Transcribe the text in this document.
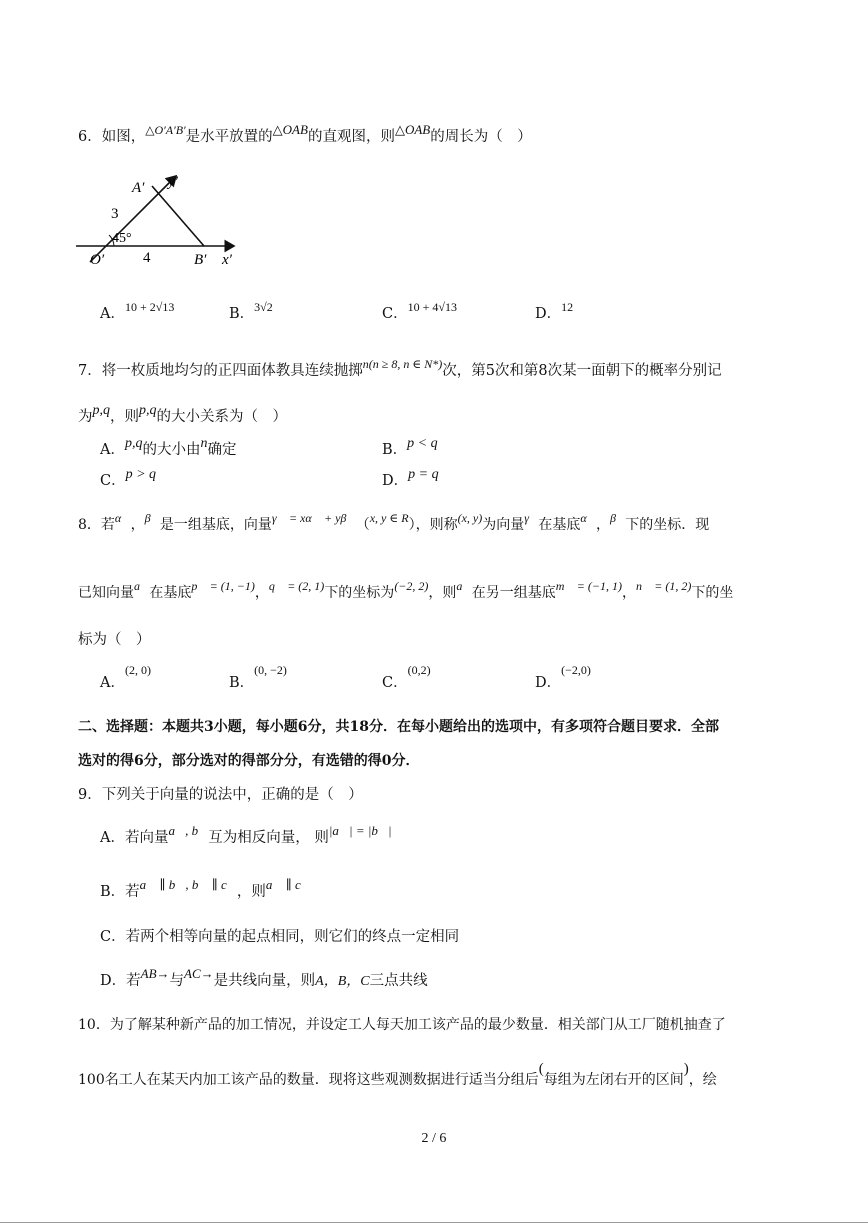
6．如图，$^{\triangle O'A'B'}$是水平放置的△OAB的直观图，则△OAB的周长为（　）
A′ y′
3
45°
O′	4	B′ x′
A．$^{10 + 2√13}$	B．$^{3√2}$	C．$^{10 + 4√13}$	D．$^{12}$
7．将一枚质地均匀的正四面体教具连续抛掷$^{n(n \ge 8, n \in N*)}$次，第5次和第8次某一面朝下的概率分别记
为p,q，则p,q的大小关系为（　）
A．p,q的大小由n确定	B．p < q
C．p > q	D．p = q
8．若α⃗，β⃗是一组基底，向量γ⃗ = xα⃗ + yβ⃗（x, y ∈ R），则称(x, y)为向量γ⃗在基底α⃗，β⃗下的坐标．现
已知向量a⃗在基底p⃗ = (1, −1)，q⃗ = (2, 1)下的坐标为(−2, 2)，则a⃗在另一组基底m⃗ = (−1, 1)，n⃗ = (1, 2)下的坐
标为（　）
A．$^{(2, 0)}$
B．$^{(0, -2)}$
C．$^{(0,2)}$
D．$^{(-2,0)}$
二、选择题：本题共3小题，每小题6分，共18分．在每小题给出的选项中，有多项符合题目要求．全部
选对的得6分，部分选对的得部分分，有选错的得0分．
9．下列关于向量的说法中，正确的是（　）
A．若向量a⃗, b⃗互为相反向量， 则|a⃗| = |b⃗|
B．若a⃗ ∥ b⃗, b⃗ ∥ c⃗，则a⃗ ∥ c⃗
C．若两个相等向量的起点相同，则它们的终点一定相同
D．若AB→与AC→是共线向量，则A，B，C三点共线
10．为了解某种新产品的加工情况，并设定工人每天加工该产品的最少数量．相关部门从工厂随机抽查了
100名工人在某天内加工该产品的数量．现将这些观测数据进行适当分组后(每组为左闭右开的区间)，绘
2 / 6
